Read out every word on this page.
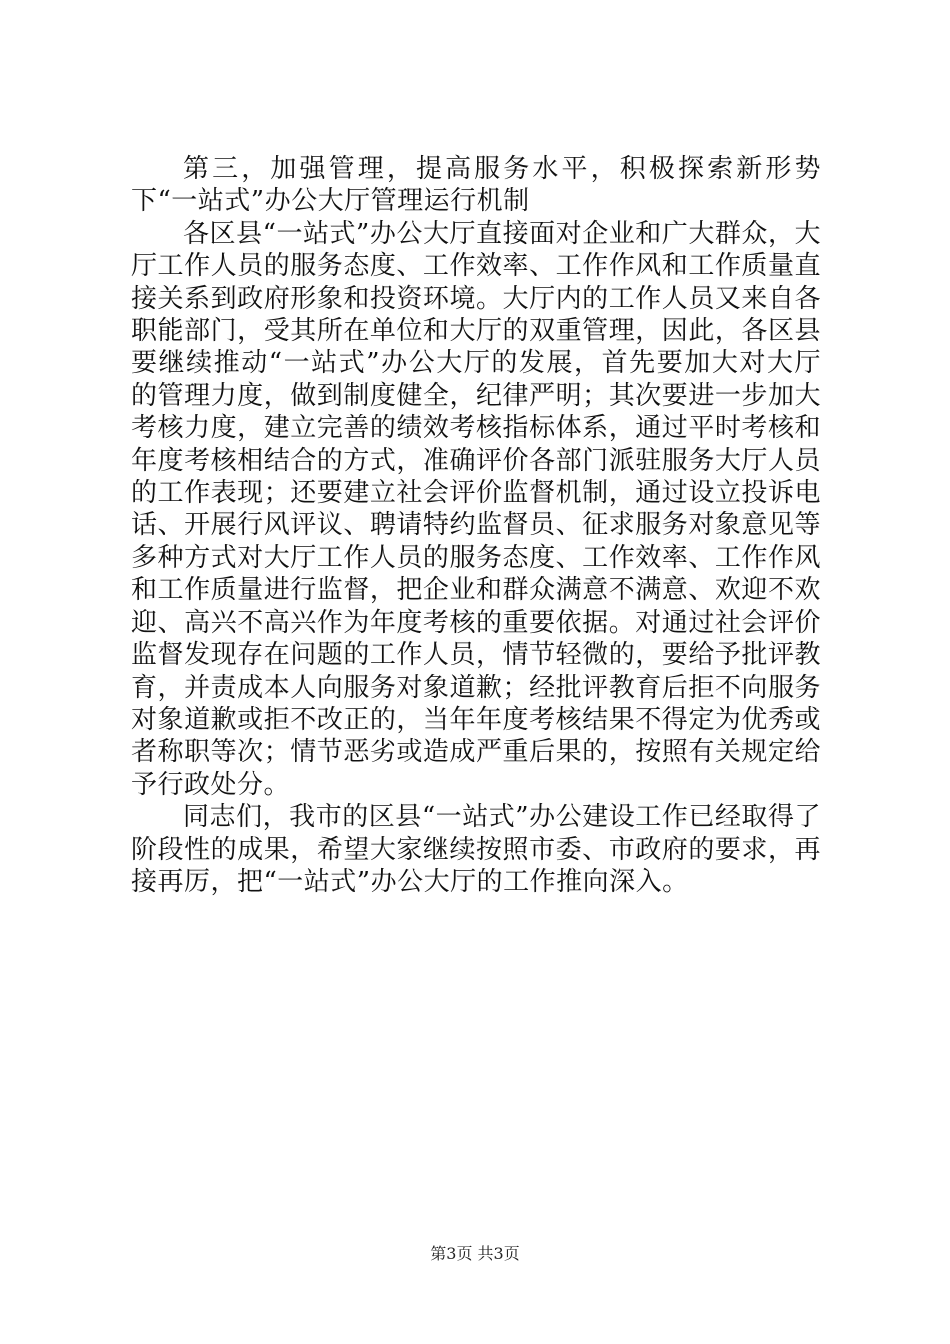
第三，加强管理，提高服务水平，积极探索新形势下“一站式”办公大厅管理运行机制

各区县“一站式”办公大厅直接面对企业和广大群众，大厅工作人员的服务态度、工作效率、工作作风和工作质量直接关系到政府形象和投资环境。大厅内的工作人员又来自各职能部门，受其所在单位和大厅的双重管理，因此，各区县要继续推动“一站式”办公大厅的发展，首先要加大对大厅的管理力度，做到制度健全，纪律严明；其次要进一步加大考核力度，建立完善的绩效考核指标体系，通过平时考核和年度考核相结合的方式，准确评价各部门派驻服务大厅人员的工作表现；还要建立社会评价监督机制，通过设立投诉电话、开展行风评议、聘请特约监督员、征求服务对象意见等多种方式对大厅工作人员的服务态度、工作效率、工作作风和工作质量进行监督，把企业和群众满意不满意、欢迎不欢迎、高兴不高兴作为年度考核的重要依据。对通过社会评价监督发现存在问题的工作人员，情节轻微的，要给予批评教育，并责成本人向服务对象道歉；经批评教育后拒不向服务对象道歉或拒不改正的，当年年度考核结果不得定为优秀或者称职等次；情节恶劣或造成严重后果的，按照有关规定给予行政处分。

同志们，我市的区县“一站式”办公建设工作已经取得了阶段性的成果，希望大家继续按照市委、市政府的要求，再接再厉，把“一站式”办公大厅的工作推向深入。

第3页 共3页
